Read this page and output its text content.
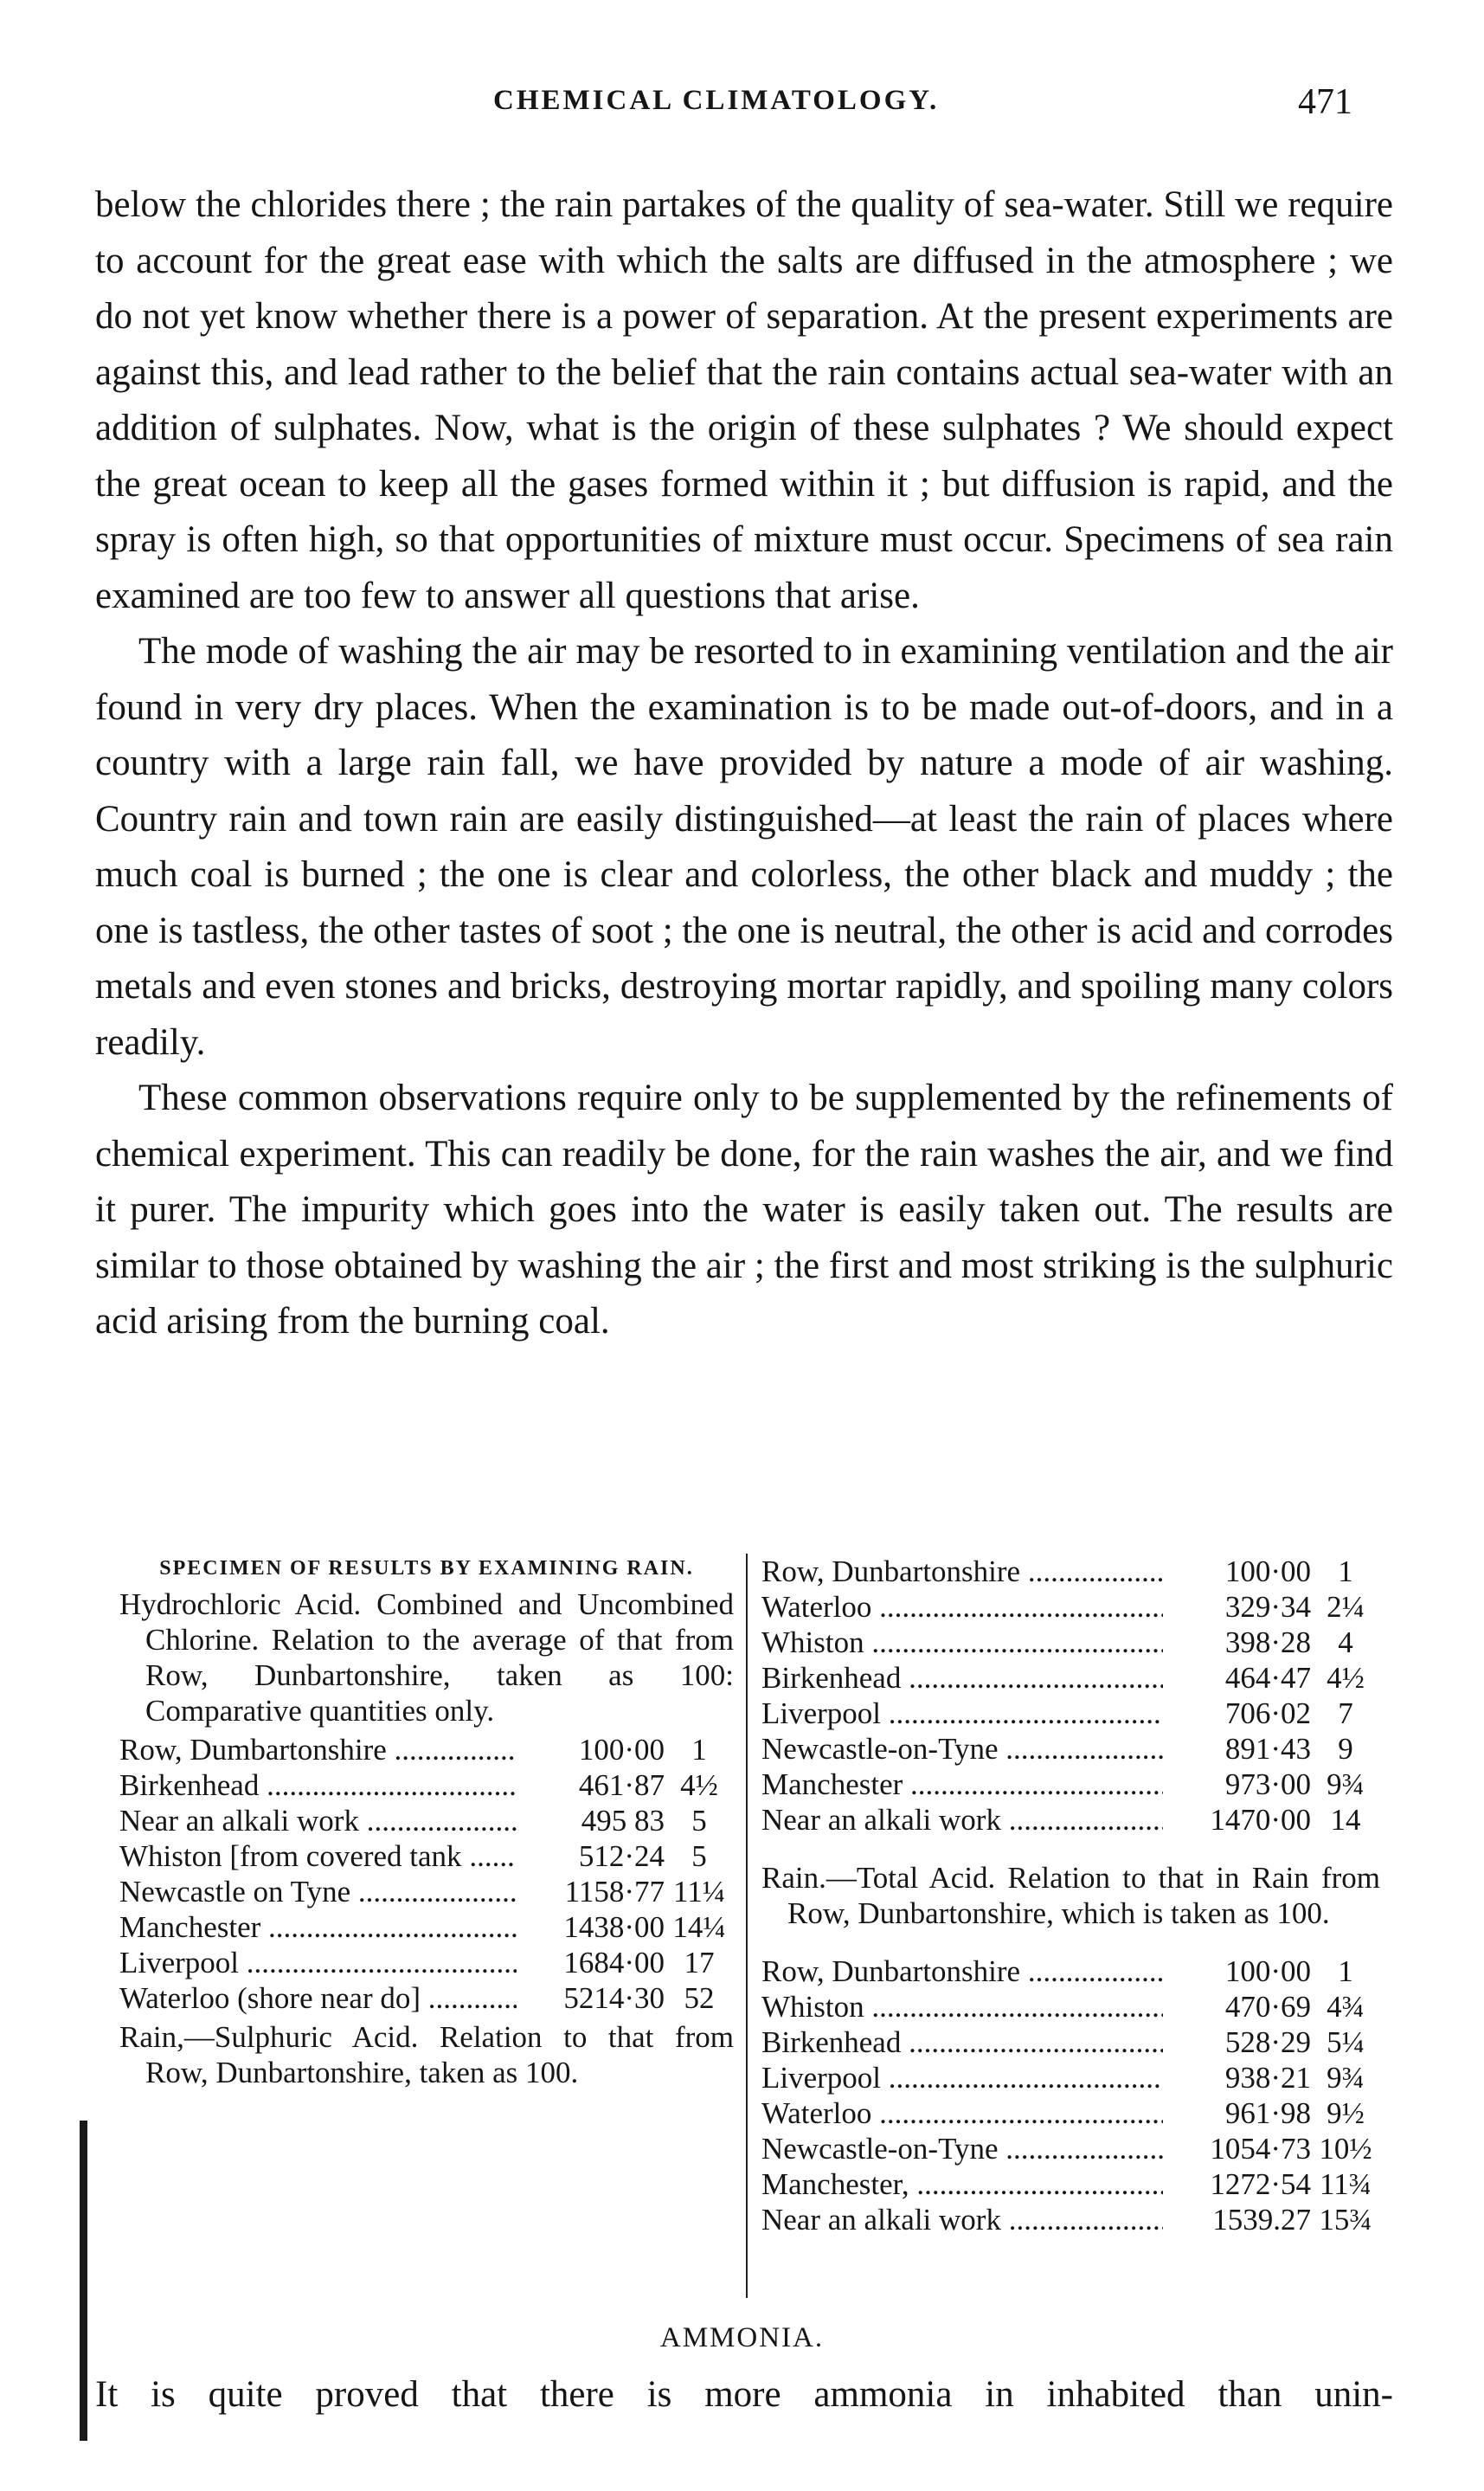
CHEMICAL CLIMATOLOGY.	471

below the chlorides there ; the rain partakes of the quality of sea-water. Still we require to account for the great ease with which the salts are diffused in the atmosphere ; we do not yet know whether there is a power of separation. At the present experiments are against this, and lead rather to the belief that the rain contains actual sea-water with an addition of sulphates. Now, what is the origin of these sulphates ? We should expect the great ocean to keep all the gases formed within it ; but diffusion is rapid, and the spray is often high, so that opportunities of mixture must occur. Specimens of sea rain examined are too few to answer all questions that arise.

The mode of washing the air may be resorted to in examining ventilation and the air found in very dry places. When the examination is to be made out-of-doors, and in a country with a large rain fall, we have provided by nature a mode of air washing. Country rain and town rain are easily distinguished—at least the rain of places where much coal is burned ; the one is clear and colorless, the other black and muddy ; the one is tastless, the other tastes of soot ; the one is neutral, the other is acid and corrodes metals and even stones and bricks, destroying mortar rapidly, and spoiling many colors readily.

These common observations require only to be supplemented by the refinements of chemical experiment. This can readily be done, for the rain washes the air, and we find it purer. The impurity which goes into the water is easily taken out. The results are similar to those obtained by washing the air ; the first and most striking is the sulphuric acid arising from the burning coal.

SPECIMEN OF RESULTS BY EXAMINING RAIN.
Hydrochloric Acid. Combined and Uncombined Chlorine. Relation to the average of that from Row, Dunbartonshire, taken as 100: Comparative quantities only.
Row, Dumbartonshire .....	100·00 1
Birkenhead .....	461·87 4½
Near an alkali work .....	495 83 5
Whiston [from covered tank .....	512·24 5
Newcastle on Tyne .....	1158·77 11¼
Manchester .....	1438·00 14¼
Liverpool .....	1684·00 17
Waterloo (shore near do] .....	5214·30 52
Rain,—Sulphuric Acid. Relation to that from Row, Dunbartonshire, taken as 100.
Row, Dunbartonshire .....	100·00 1
Waterloo .....	329·34 2¼
Whiston .....	398·28 4
Birkenhead .....	464·47 4½
Liverpool .....	706·02 7
Newcastle-on-Tyne .....	891·43 9
Manchester .....	973·00 9¾
Near an alkali work .....	1470·00 14
Rain.—Total Acid. Relation to that in Rain from Row, Dunbartonshire, which is taken as 100.
Row, Dunbartonshire .....	100·00 1
Whiston .....	470·69 4¾
Birkenhead .....	528·29 5¼
Liverpool .....	938·21 9¾
Waterloo .....	961·98 9½
Newcastle-on-Tyne .....	1054·73 10½
Manchester, .....	1272·54 11¾
Near an alkali work .....	1539.27 15¾
AMMONIA.
It is quite proved that there is more ammonia in inhabited than unin-
